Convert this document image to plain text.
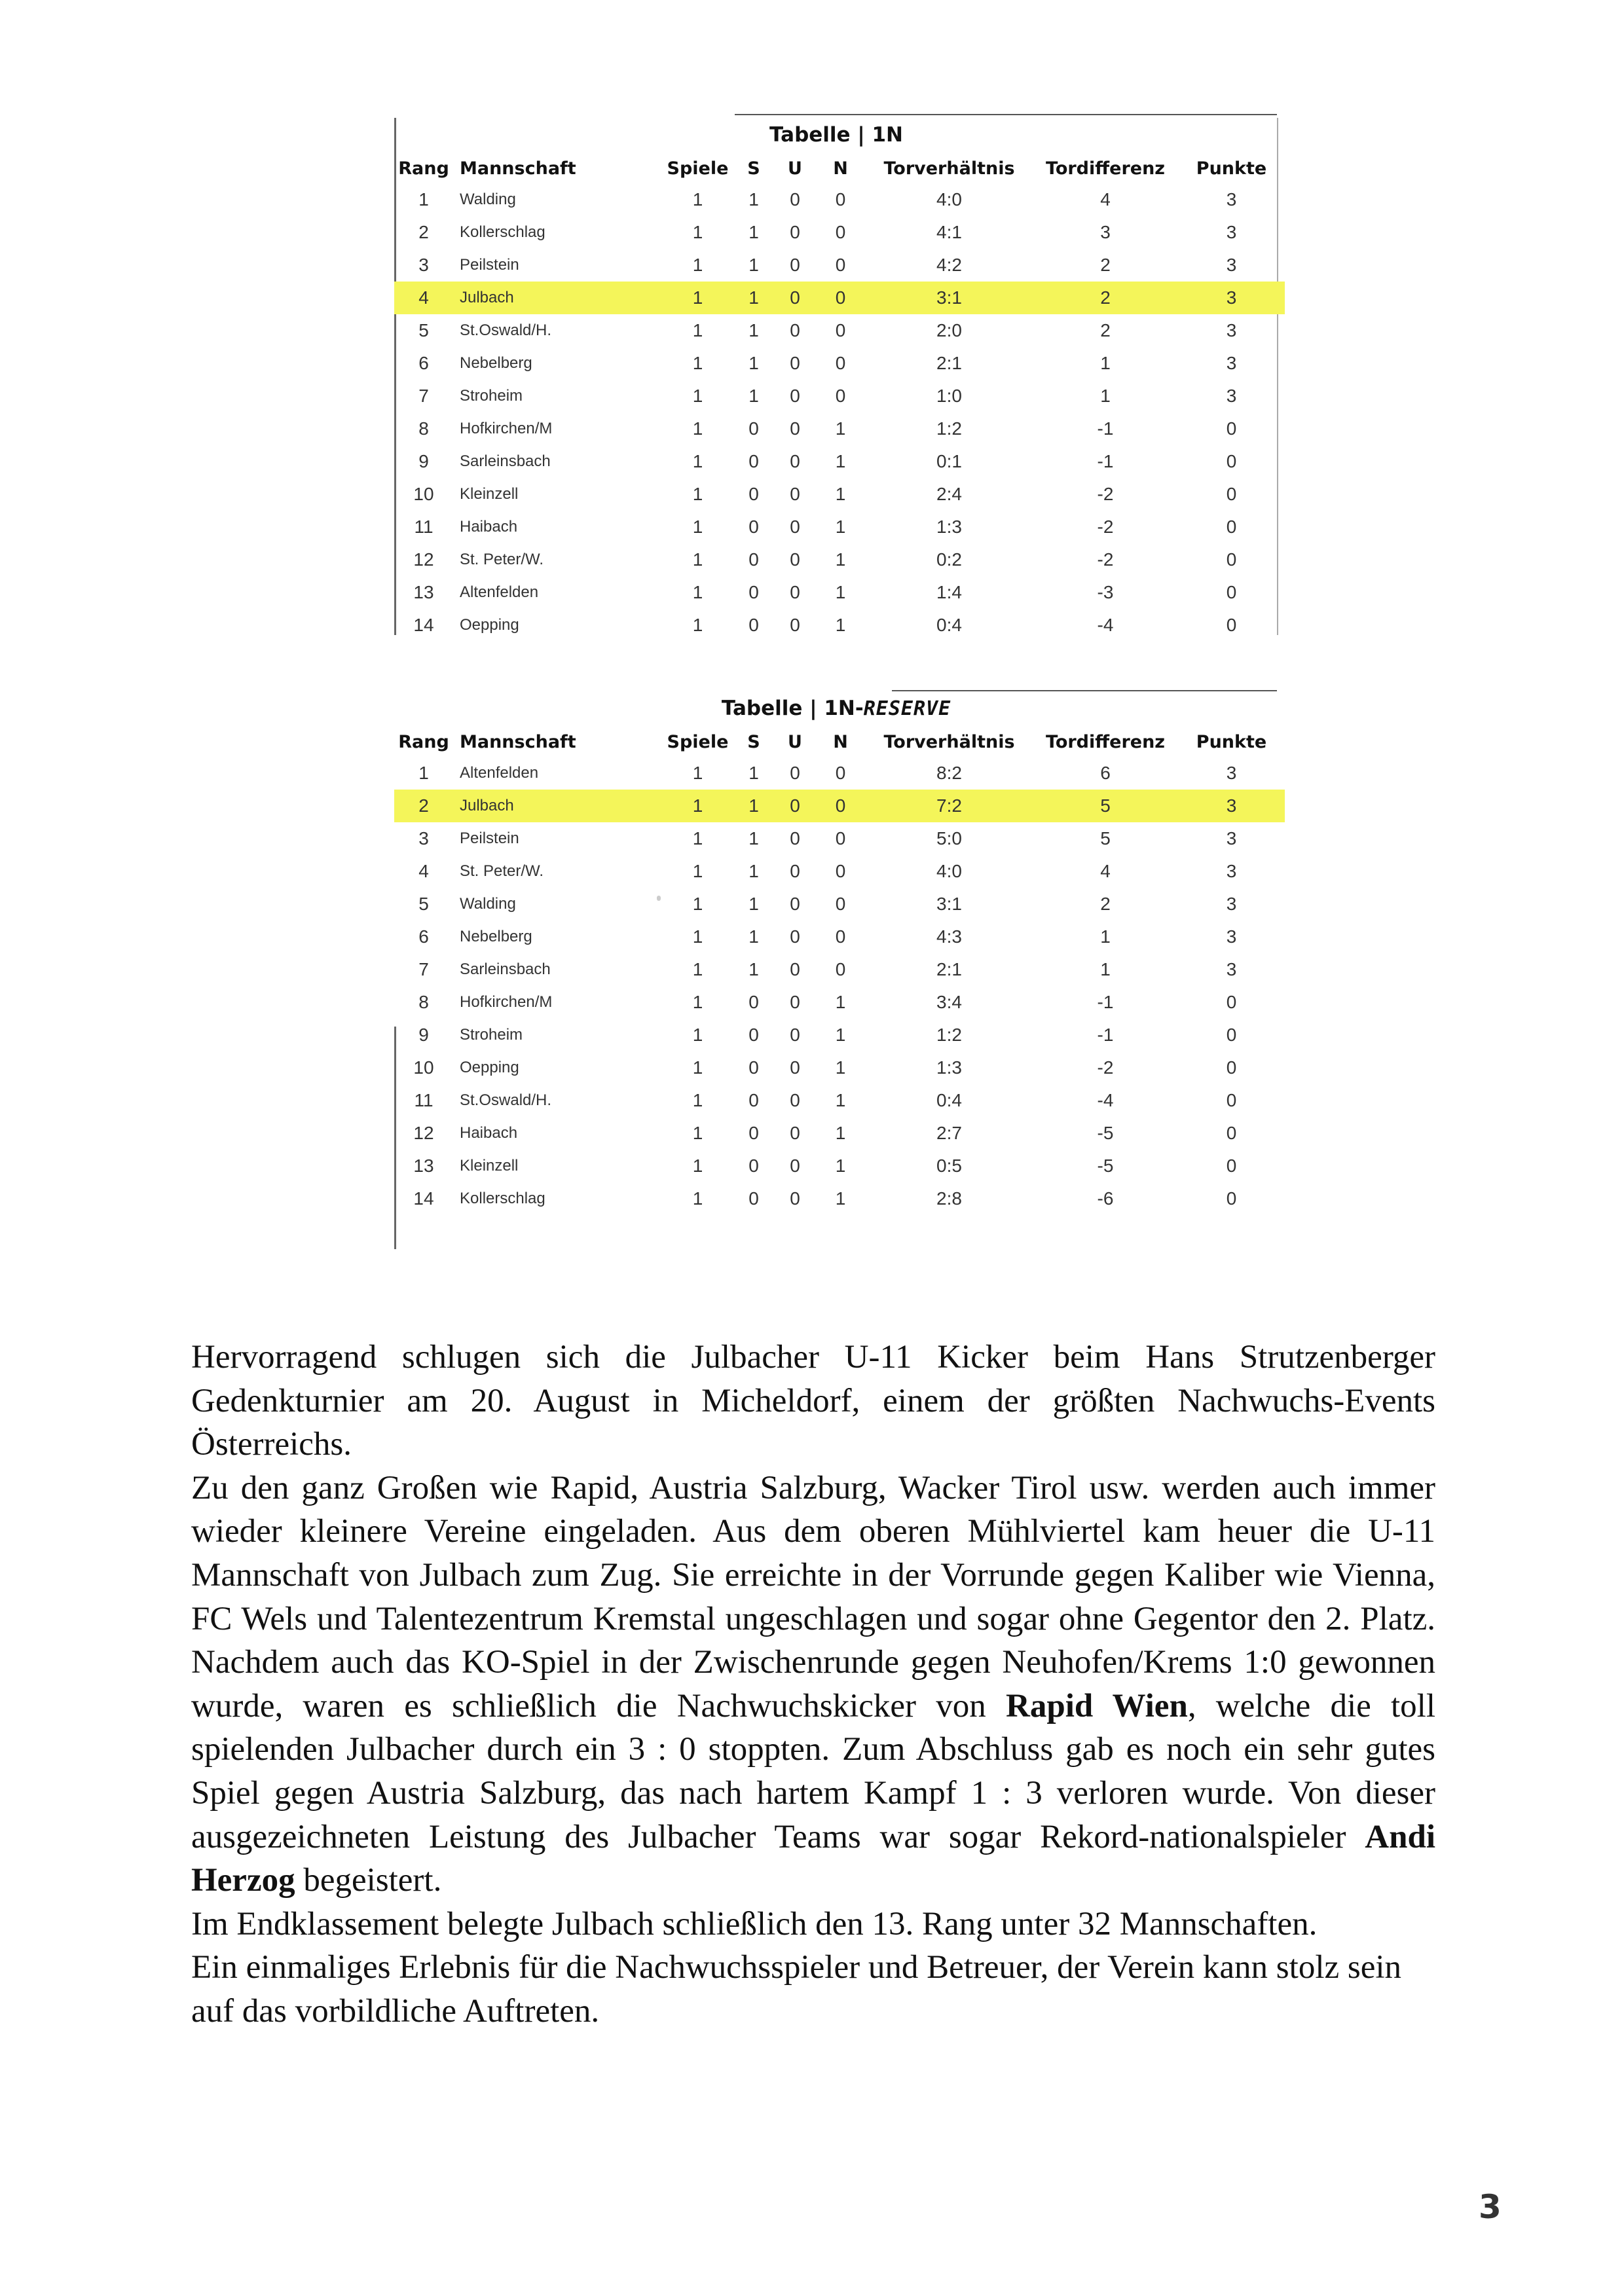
Tabelle | 1N
Rang	Mannschaft	Spiele	S	U	N	Torverhältnis	Tordifferenz	Punkte
1	Walding	1	1	0	0	4:0	4	3
2	Kollerschlag	1	1	0	0	4:1	3	3
3	Peilstein	1	1	0	0	4:2	2	3
4	Julbach	1	1	0	0	3:1	2	3
5	St.Oswald/H.	1	1	0	0	2:0	2	3
6	Nebelberg	1	1	0	0	2:1	1	3
7	Stroheim	1	1	0	0	1:0	1	3
8	Hofkirchen/M	1	0	0	1	1:2	-1	0
9	Sarleinsbach	1	0	0	1	0:1	-1	0
10	Kleinzell	1	0	0	1	2:4	-2	0
11	Haibach	1	0	0	1	1:3	-2	0
12	St. Peter/W.	1	0	0	1	0:2	-2	0
13	Altenfelden	1	0	0	1	1:4	-3	0
14	Oepping	1	0	0	1	0:4	-4	0
Tabelle | 1N-RESERVE
Rang	Mannschaft	Spiele	S	U	N	Torverhältnis	Tordifferenz	Punkte
1	Altenfelden	1	1	0	0	8:2	6	3
2	Julbach	1	1	0	0	7:2	5	3
3	Peilstein	1	1	0	0	5:0	5	3
4	St. Peter/W.	1	1	0	0	4:0	4	3
5	Walding	1	1	0	0	3:1	2	3
6	Nebelberg	1	1	0	0	4:3	1	3
7	Sarleinsbach	1	1	0	0	2:1	1	3
8	Hofkirchen/M	1	0	0	1	3:4	-1	0
9	Stroheim	1	0	0	1	1:2	-1	0
10	Oepping	1	0	0	1	1:3	-2	0
11	St.Oswald/H.	1	0	0	1	0:4	-4	0
12	Haibach	1	0	0	1	2:7	-5	0
13	Kleinzell	1	0	0	1	0:5	-5	0
14	Kollerschlag	1	0	0	1	2:8	-6	0

Hervorragend schlugen sich die Julbacher U-11 Kicker beim Hans Strutzenberger Gedenkturnier am 20. August in Micheldorf, einem der größten Nachwuchs-Events Österreichs.

Zu den ganz Großen wie Rapid, Austria Salzburg, Wacker Tirol usw. werden auch immer wieder kleinere Vereine eingeladen. Aus dem oberen Mühlviertel kam heuer die U-11 Mannschaft von Julbach zum Zug. Sie erreichte in der Vorrunde gegen Kaliber wie Vienna, FC Wels und Talentezentrum Kremstal ungeschlagen und sogar ohne Gegentor den 2. Platz. Nachdem auch das KO-Spiel in der Zwischenrunde gegen Neuhofen/Krems 1:0 gewonnen wurde, waren es schließlich die Nachwuchskicker von Rapid Wien, welche die toll spielenden Julbacher durch ein 3 : 0 stoppten. Zum Abschluss gab es noch ein sehr gutes Spiel gegen Austria Salzburg, das nach hartem Kampf 1 : 3 verloren wurde. Von dieser ausgezeichneten Leistung des Julbacher Teams war sogar Rekord-nationalspieler Andi Herzog begeistert.

Im Endklassement belegte Julbach schließlich den 13. Rang unter 32 Mannschaften.

Ein einmaliges Erlebnis für die Nachwuchsspieler und Betreuer, der Verein kann stolz sein auf das vorbildliche Auftreten.

3
